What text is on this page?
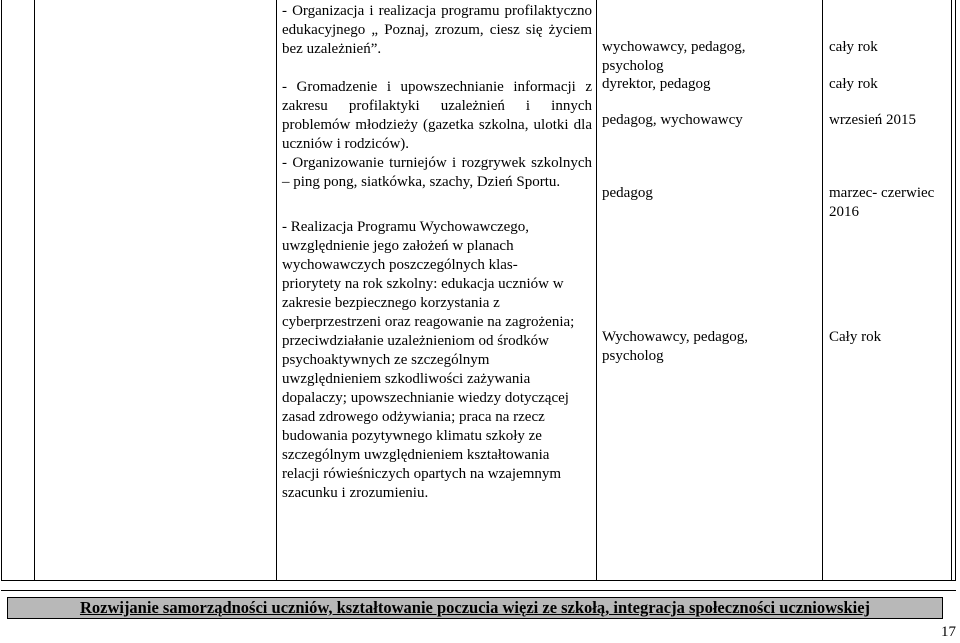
- Organizacja i realizacja programu profilaktyczno edukacyjnego „ Poznaj, zrozum, ciesz się życiem bez uzależnień”.

- Gromadzenie i upowszechnianie informacji z zakresu profilaktyki uzależnień i innych problemów młodzieży (gazetka szkolna, ulotki dla uczniów i rodziców).

- Organizowanie turniejów i rozgrywek szkolnych – ping pong, siatkówka, szachy, Dzień Sportu.

- Realizacja Programu Wychowawczego,
uwzględnienie jego założeń w planach
wychowawczych poszczególnych klas-
priorytety na rok szkolny: edukacja uczniów w
zakresie bezpiecznego korzystania z
cyberprzestrzeni oraz reagowanie na zagrożenia;
przeciwdziałanie uzależnieniom od środków
psychoaktywnych ze szczególnym
uwzględnieniem szkodliwości zażywania
dopalaczy; upowszechnianie wiedzy dotyczącej
zasad zdrowego odżywiania; praca na rzecz
budowania pozytywnego klimatu szkoły ze
szczególnym uwzględnieniem kształtowania
relacji rówieśniczych opartych na wzajemnym
szacunku i zrozumieniu.
wychowawcy, pedagog, psycholog
dyrektor, pedagog
pedagog, wychowawcy
pedagog
Wychowawcy, pedagog, psycholog
cały rok
cały rok
wrzesień 2015
marzec- czerwiec 2016
Cały rok
Rozwijanie samorządności uczniów, kształtowanie poczucia więzi ze szkołą, integracja społeczności uczniowskiej
17
